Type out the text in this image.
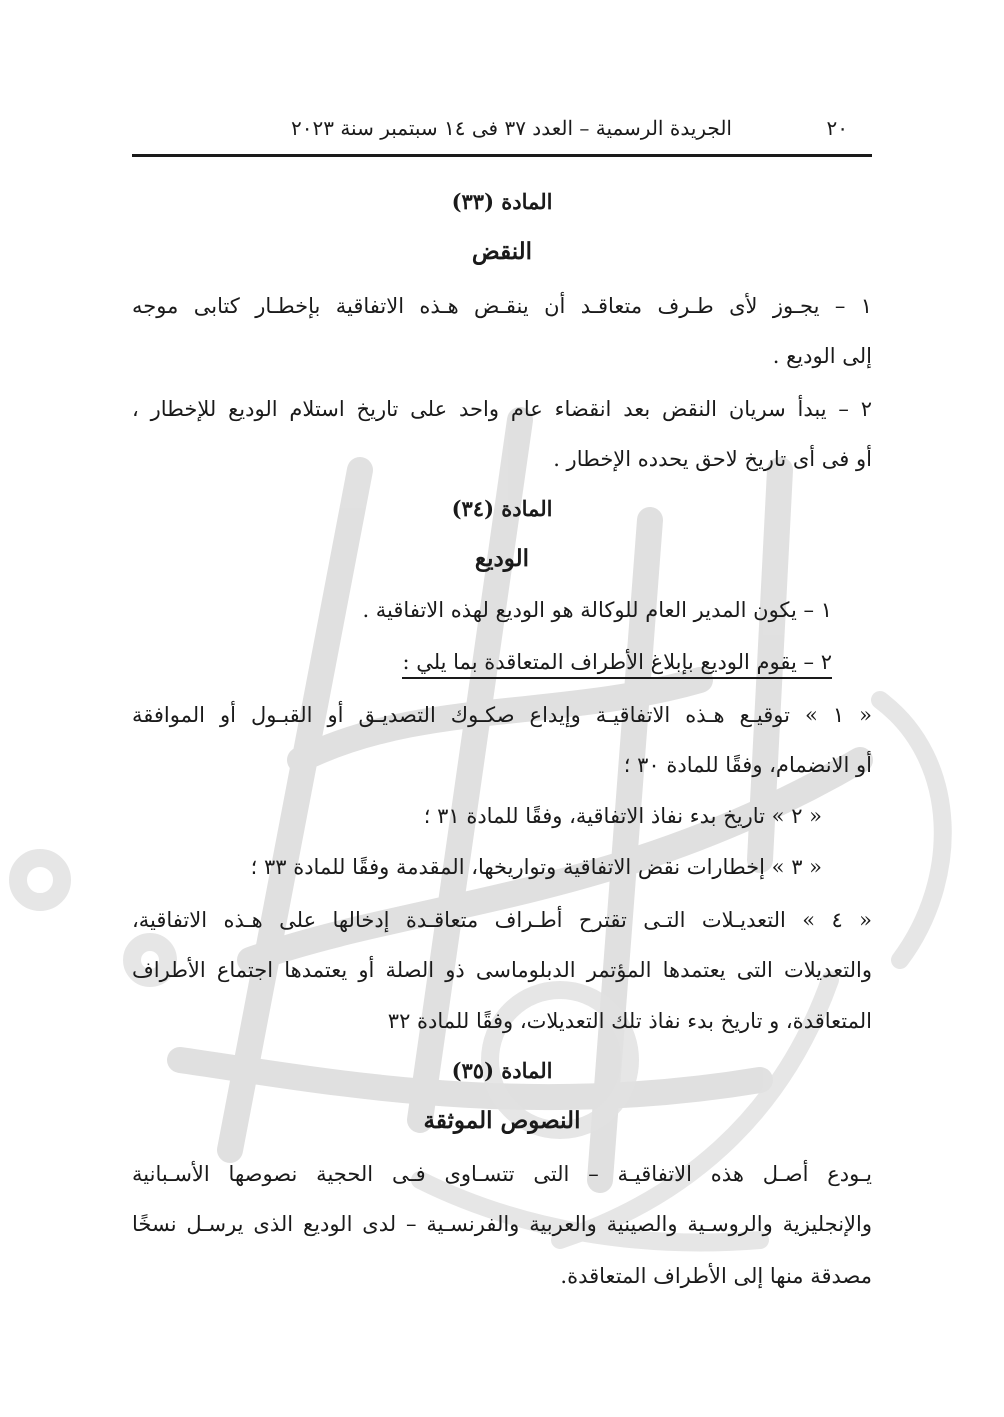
٢٠
الجريدة الرسمية – العدد ٣٧ فى ١٤ سبتمبر سنة ٢٠٢٣
المادة (٣٣)
النقض
١ – يجـوز لأى طـرف متعاقـد أن ينقـض هـذه الاتفاقية بإخطـار كتابى موجه
إلى الوديع .
٢ – يبدأ سريان النقض بعد انقضاء عام واحد على تاريخ استلام الوديع للإخطار ،
أو فى أى تاريخ لاحق يحدده الإخطار .
المادة (٣٤)
الوديع
١ – يكون المدير العام للوكالة هو الوديع لهذه الاتفاقية .
٢ – يقوم الوديع بإبلاغ الأطراف المتعاقدة بما يلي :
« ١ » توقيـع هـذه الاتفاقيـة وإيداع صكـوك التصديـق أو القبـول أو الموافقة
أو الانضمام، وفقًا للمادة ٣٠ ؛
« ٢ » تاريخ بدء نفاذ الاتفاقية، وفقًا للمادة ٣١ ؛
« ٣ » إخطارات نقض الاتفاقية وتواريخها، المقدمة وفقًا للمادة ٣٣ ؛
« ٤ » التعديـلات التـى تقترح أطـراف متعاقـدة إدخالها على هـذه الاتفاقية،
والتعديلات التى يعتمدها المؤتمر الدبلوماسى ذو الصلة أو يعتمدها اجتماع الأطراف
المتعاقدة، و تاريخ بدء نفاذ تلك التعديلات، وفقًا للمادة ٣٢
المادة (٣٥)
النصوص الموثقة
يـودع أصـل هذه الاتفاقيـة – التى تتسـاوى فـى الحجية نصوصها الأسـبانية
والإنجليزية والروسـية والصينية والعربية والفرنسـية – لدى الوديع الذى يرسـل نسخًا
مصدقة منها إلى الأطراف المتعاقدة.
